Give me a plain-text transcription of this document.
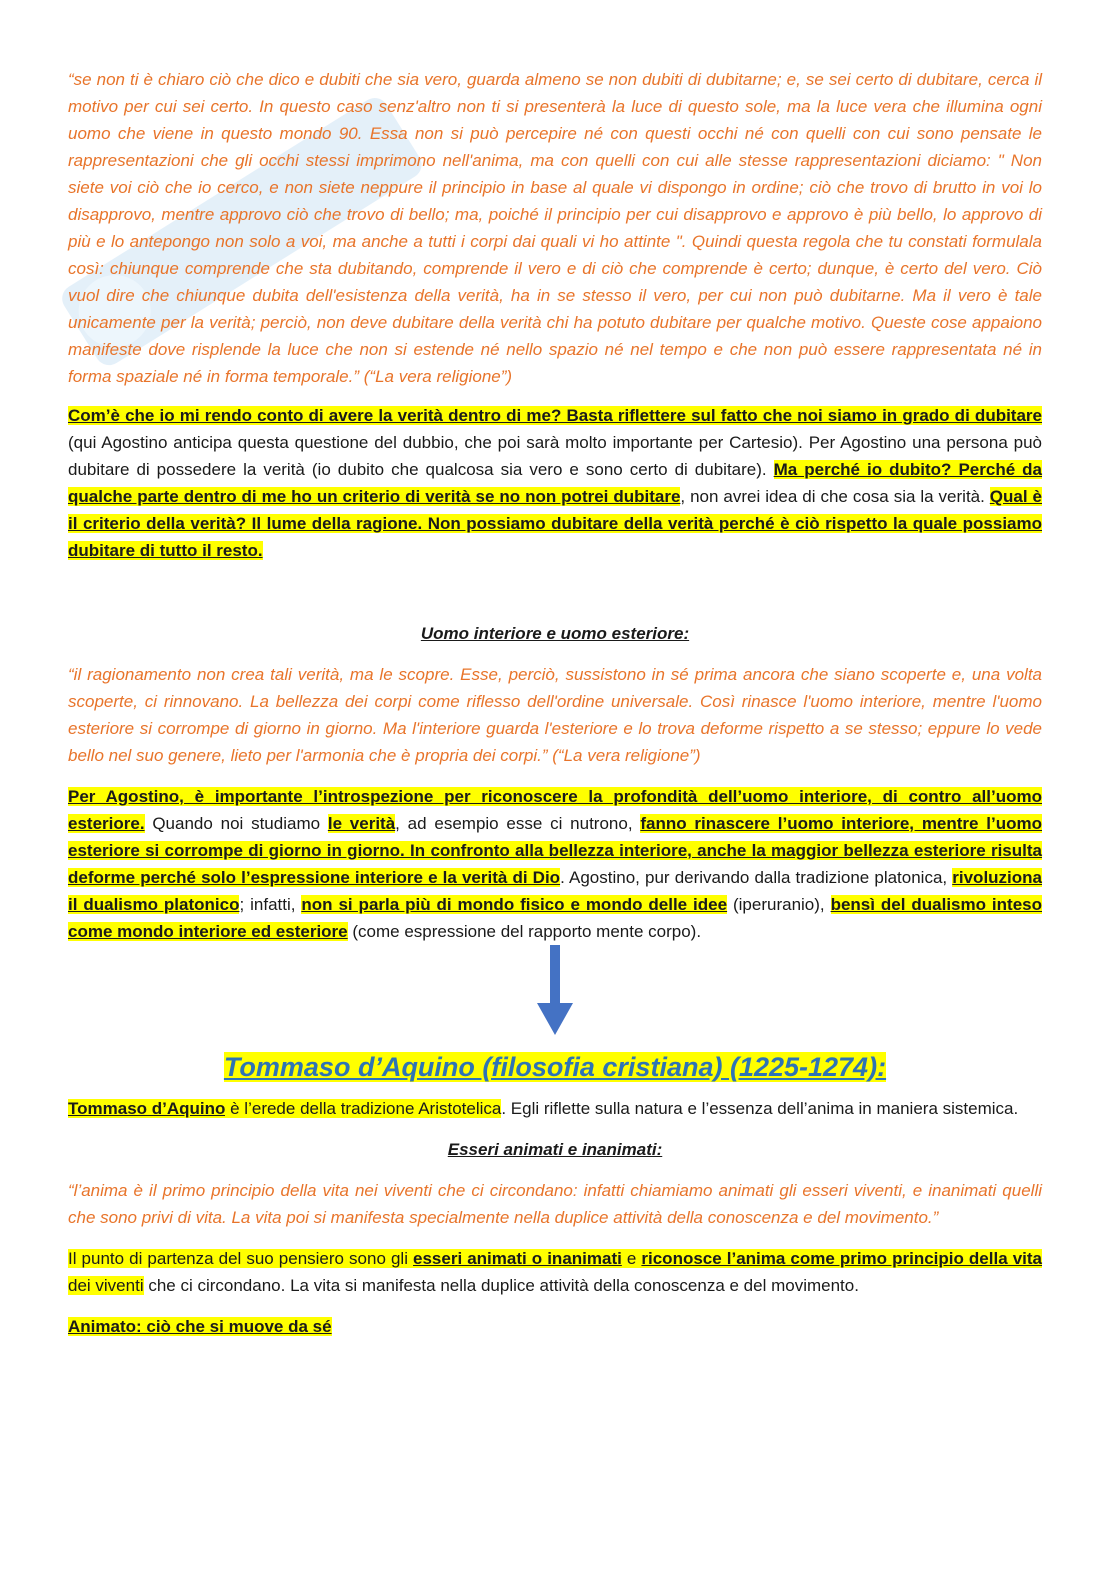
“se non ti è chiaro ciò che dico e dubiti che sia vero, guarda almeno se non dubiti di dubitarne; e, se sei certo di dubitare, cerca il motivo per cui sei certo. In questo caso senz'altro non ti si presenterà la luce di questo sole, ma la luce vera che illumina ogni uomo che viene in questo mondo 90. Essa non si può percepire né con questi occhi né con quelli con cui sono pensate le rappresentazioni che gli occhi stessi imprimono nell'anima, ma con quelli con cui alle stesse rappresentazioni diciamo: " Non siete voi ciò che io cerco, e non siete neppure il principio in base al quale vi dispongo in ordine; ciò che trovo di brutto in voi lo disapprovo, mentre approvo ciò che trovo di bello; ma, poiché il principio per cui disapprovo e approvo è più bello, lo approvo di più e lo antepongo non solo a voi, ma anche a tutti i corpi dai quali vi ho attinte ". Quindi questa regola che tu constati formulala così: chiunque comprende che sta dubitando, comprende il vero e di ciò che comprende è certo; dunque, è certo del vero. Ciò vuol dire che chiunque dubita dell'esistenza della verità, ha in se stesso il vero, per cui non può dubitarne. Ma il vero è tale unicamente per la verità; perciò, non deve dubitare della verità chi ha potuto dubitare per qualche motivo. Queste cose appaiono manifeste dove risplende la luce che non si estende né nello spazio né nel tempo e che non può essere rappresentata né in forma spaziale né in forma temporale.” (“La vera religione”)

Com’è che io mi rendo conto di avere la verità dentro di me? Basta riflettere sul fatto che noi siamo in grado di dubitare (qui Agostino anticipa questa questione del dubbio, che poi sarà molto importante per Cartesio). Per Agostino una persona può dubitare di possedere la verità (io dubito che qualcosa sia vero e sono certo di dubitare). Ma perché io dubito? Perché da qualche parte dentro di me ho un criterio di verità se no non potrei dubitare, non avrei idea di che cosa sia la verità. Qual è il criterio della verità? Il lume della ragione. Non possiamo dubitare della verità perché è ciò rispetto la quale possiamo dubitare di tutto il resto.

Uomo interiore e uomo esteriore:

“il ragionamento non crea tali verità, ma le scopre. Esse, perciò, sussistono in sé prima ancora che siano scoperte e, una volta scoperte, ci rinnovano. La bellezza dei corpi come riflesso dell'ordine universale. Così rinasce l'uomo interiore, mentre l'uomo esteriore si corrompe di giorno in giorno. Ma l'interiore guarda l'esteriore e lo trova deforme rispetto a se stesso; eppure lo vede bello nel suo genere, lieto per l'armonia che è propria dei corpi.” (“La vera religione”)

Per Agostino, è importante l’introspezione per riconoscere la profondità dell’uomo interiore, di contro all’uomo esteriore. Quando noi studiamo le verità, ad esempio esse ci nutrono, fanno rinascere l’uomo interiore, mentre l’uomo esteriore si corrompe di giorno in giorno. In confronto alla bellezza interiore, anche la maggior bellezza esteriore risulta deforme perché solo l’espressione interiore e la verità di Dio. Agostino, pur derivando dalla tradizione platonica, rivoluziona il dualismo platonico; infatti, non si parla più di mondo fisico e mondo delle idee (iperuranio), bensì del dualismo inteso come mondo interiore ed esteriore (come espressione del rapporto mente corpo).

Tommaso d’Aquino (filosofia cristiana) (1225-1274):

Tommaso d’Aquino è l’erede della tradizione Aristotelica. Egli riflette sulla natura e l’essenza dell’anima in maniera sistemica.

Esseri animati e inanimati:

“l’anima è il primo principio della vita nei viventi che ci circondano: infatti chiamiamo animati gli esseri viventi, e inanimati quelli che sono privi di vita. La vita poi si manifesta specialmente nella duplice attività della conoscenza e del movimento.”

Il punto di partenza del suo pensiero sono gli esseri animati o inanimati e riconosce l’anima come primo principio della vita dei viventi che ci circondano. La vita si manifesta nella duplice attività della conoscenza e del movimento.

Animato: ciò che si muove da sé
